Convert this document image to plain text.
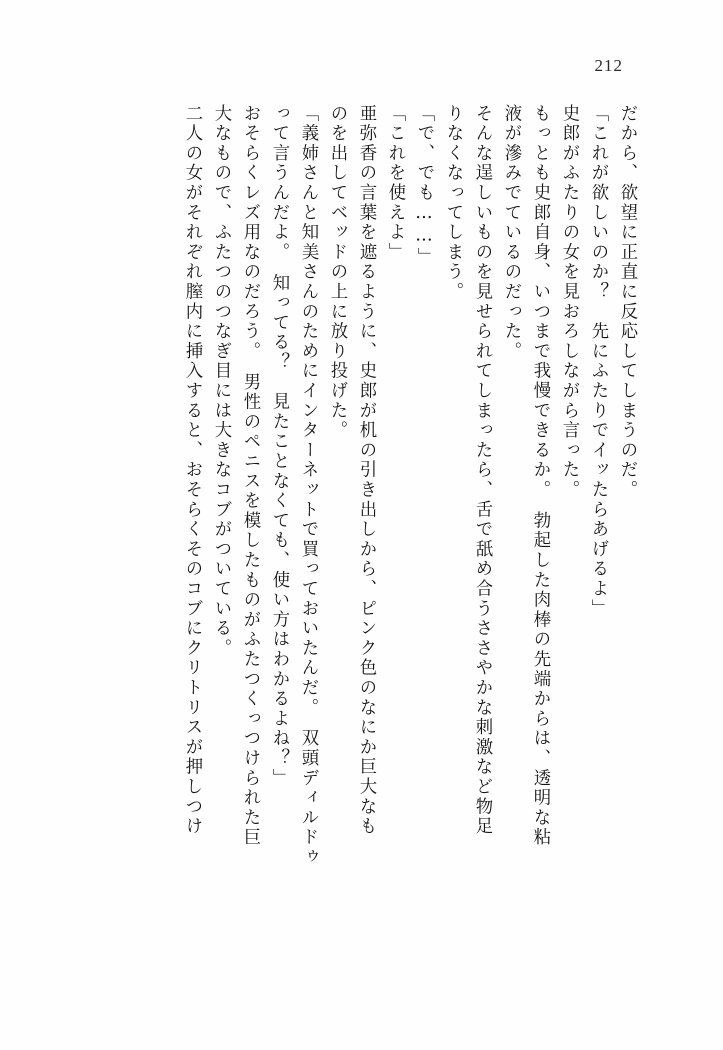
212
だから、欲望に正直に反応してしまうのだ。
「これが欲しいのか？　先にふたりでイッたらあげるよ」
史郎がふたりの女を見おろしながら言った。
もっとも史郎自身、いつまで我慢できるか。　勃起した肉棒の先端からは、透明な粘
液が滲みでているのだった。
そんな逞しいものを見せられてしまったら、舌で舐め合うささやかな刺激など物足
りなくなってしまう。
「で、でも……」
「これを使えよ」
亜弥香の言葉を遮るように、史郎が机の引き出しから、ピンク色のなにか巨大なも
のを出してベッドの上に放り投げた。
「義姉さんと知美さんのためにインターネットで買っておいたんだ。　双頭ディルドゥ
って言うんだよ。　知ってる？　見たことなくても、使い方はわかるよね？」
おそらくレズ用なのだろう。　男性のペニスを模したものがふたつくっつけられた巨
大なもので、ふたつのつなぎ目には大きなコブがついている。
二人の女がそれぞれ膣内に挿入すると、おそらくそのコブにクリトリスが押しつけ
